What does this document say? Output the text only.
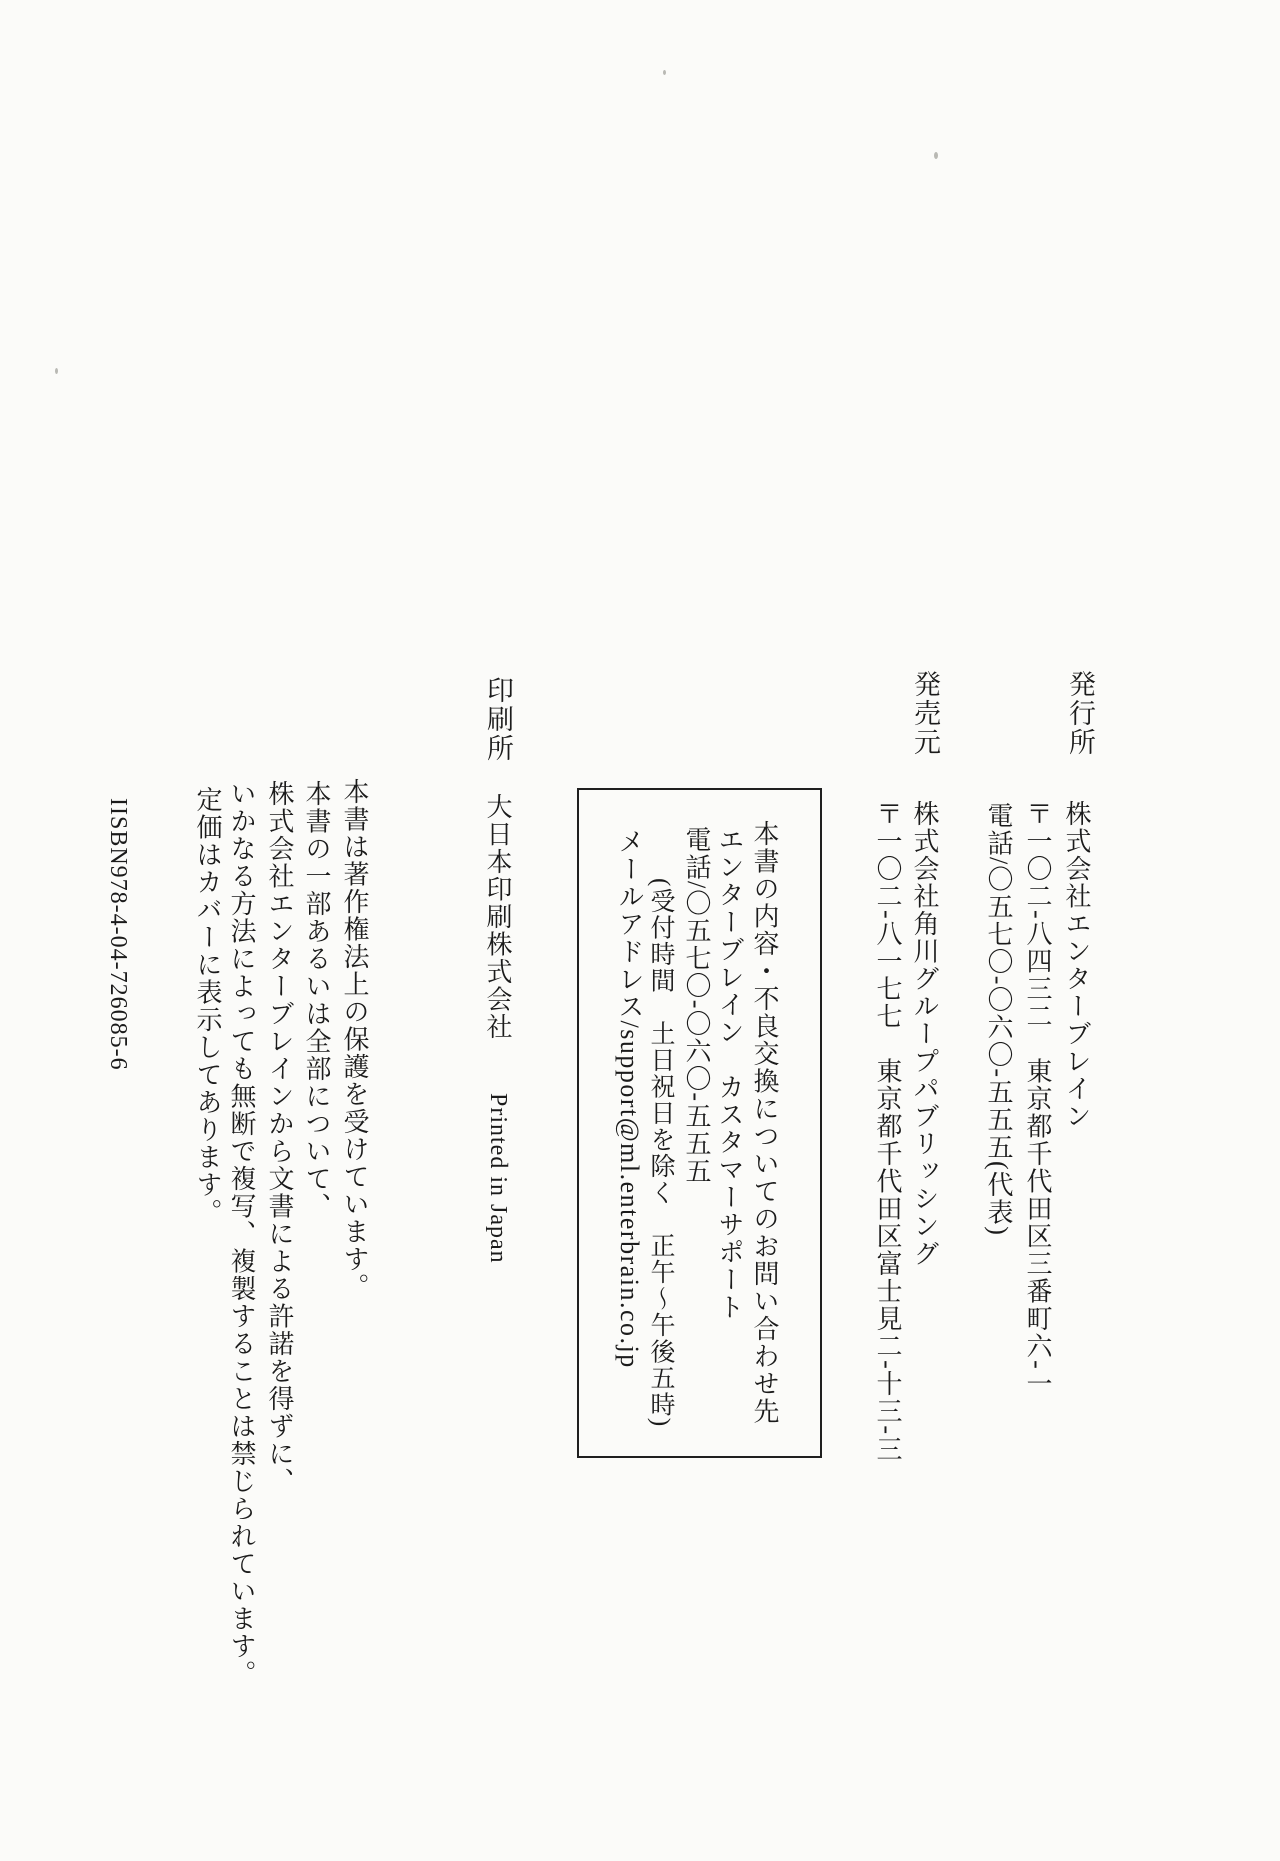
発行所
株式会社エンターブレイン
〒一〇二-八四三二　東京都千代田区三番町六-一
電話/〇五七〇-〇六〇-五五五(代表)
発売元
株式会社角川グループパブリッシング
〒一〇二-八一七七　東京都千代田区富士見二-十三-三
本書の内容・不良交換についてのお問い合わせ先
エンターブレイン　カスタマーサポート
電話/〇五七〇-〇六〇-五五五
(受付時間　土日祝日を除く　正午〜午後五時)
メールアドレス/support@ml.enterbrain.co.jp
印刷所
大日本印刷株式会社
Printed in Japan
本書は著作権法上の保護を受けています。
本書の一部あるいは全部について、
株式会社エンターブレインから文書による許諾を得ずに、
いかなる方法によっても無断で複写、複製することは禁じられています。
定価はカバーに表示してあります。
IISBN978-4-04-726085-6
